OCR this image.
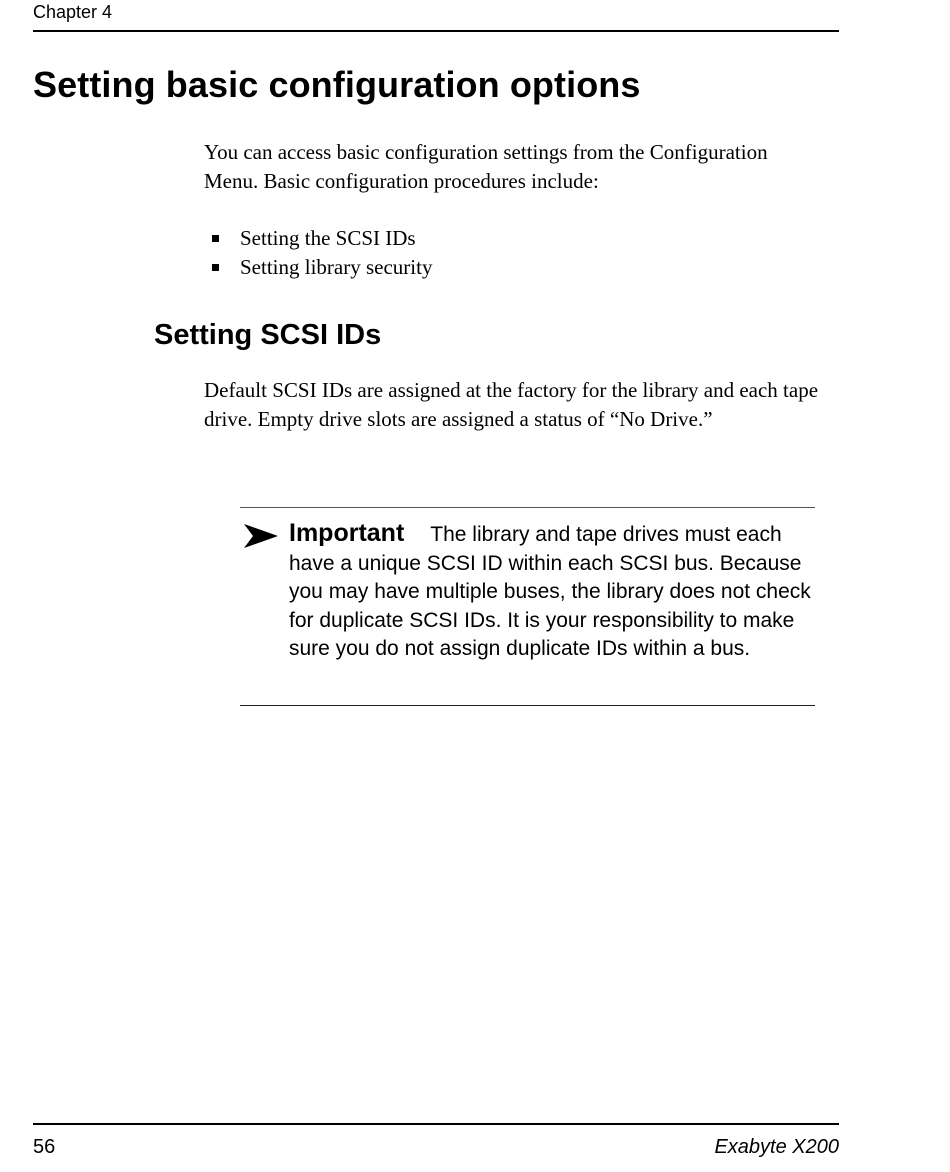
Chapter 4
Setting basic configuration options

You can access basic configuration settings from the Configuration Menu. Basic configuration procedures include:

Setting the SCSI IDs
Setting library security
Setting SCSI IDs

Default SCSI IDs are assigned at the factory for the library and each tape drive. Empty drive slots are assigned a status of “No Drive.”

Important The library and tape drives must each have a unique SCSI ID within each SCSI bus. Because you may have multiple buses, the library does not check for duplicate SCSI IDs. It is your responsibility to make sure you do not assign duplicate IDs within a bus.

56	Exabyte X200
